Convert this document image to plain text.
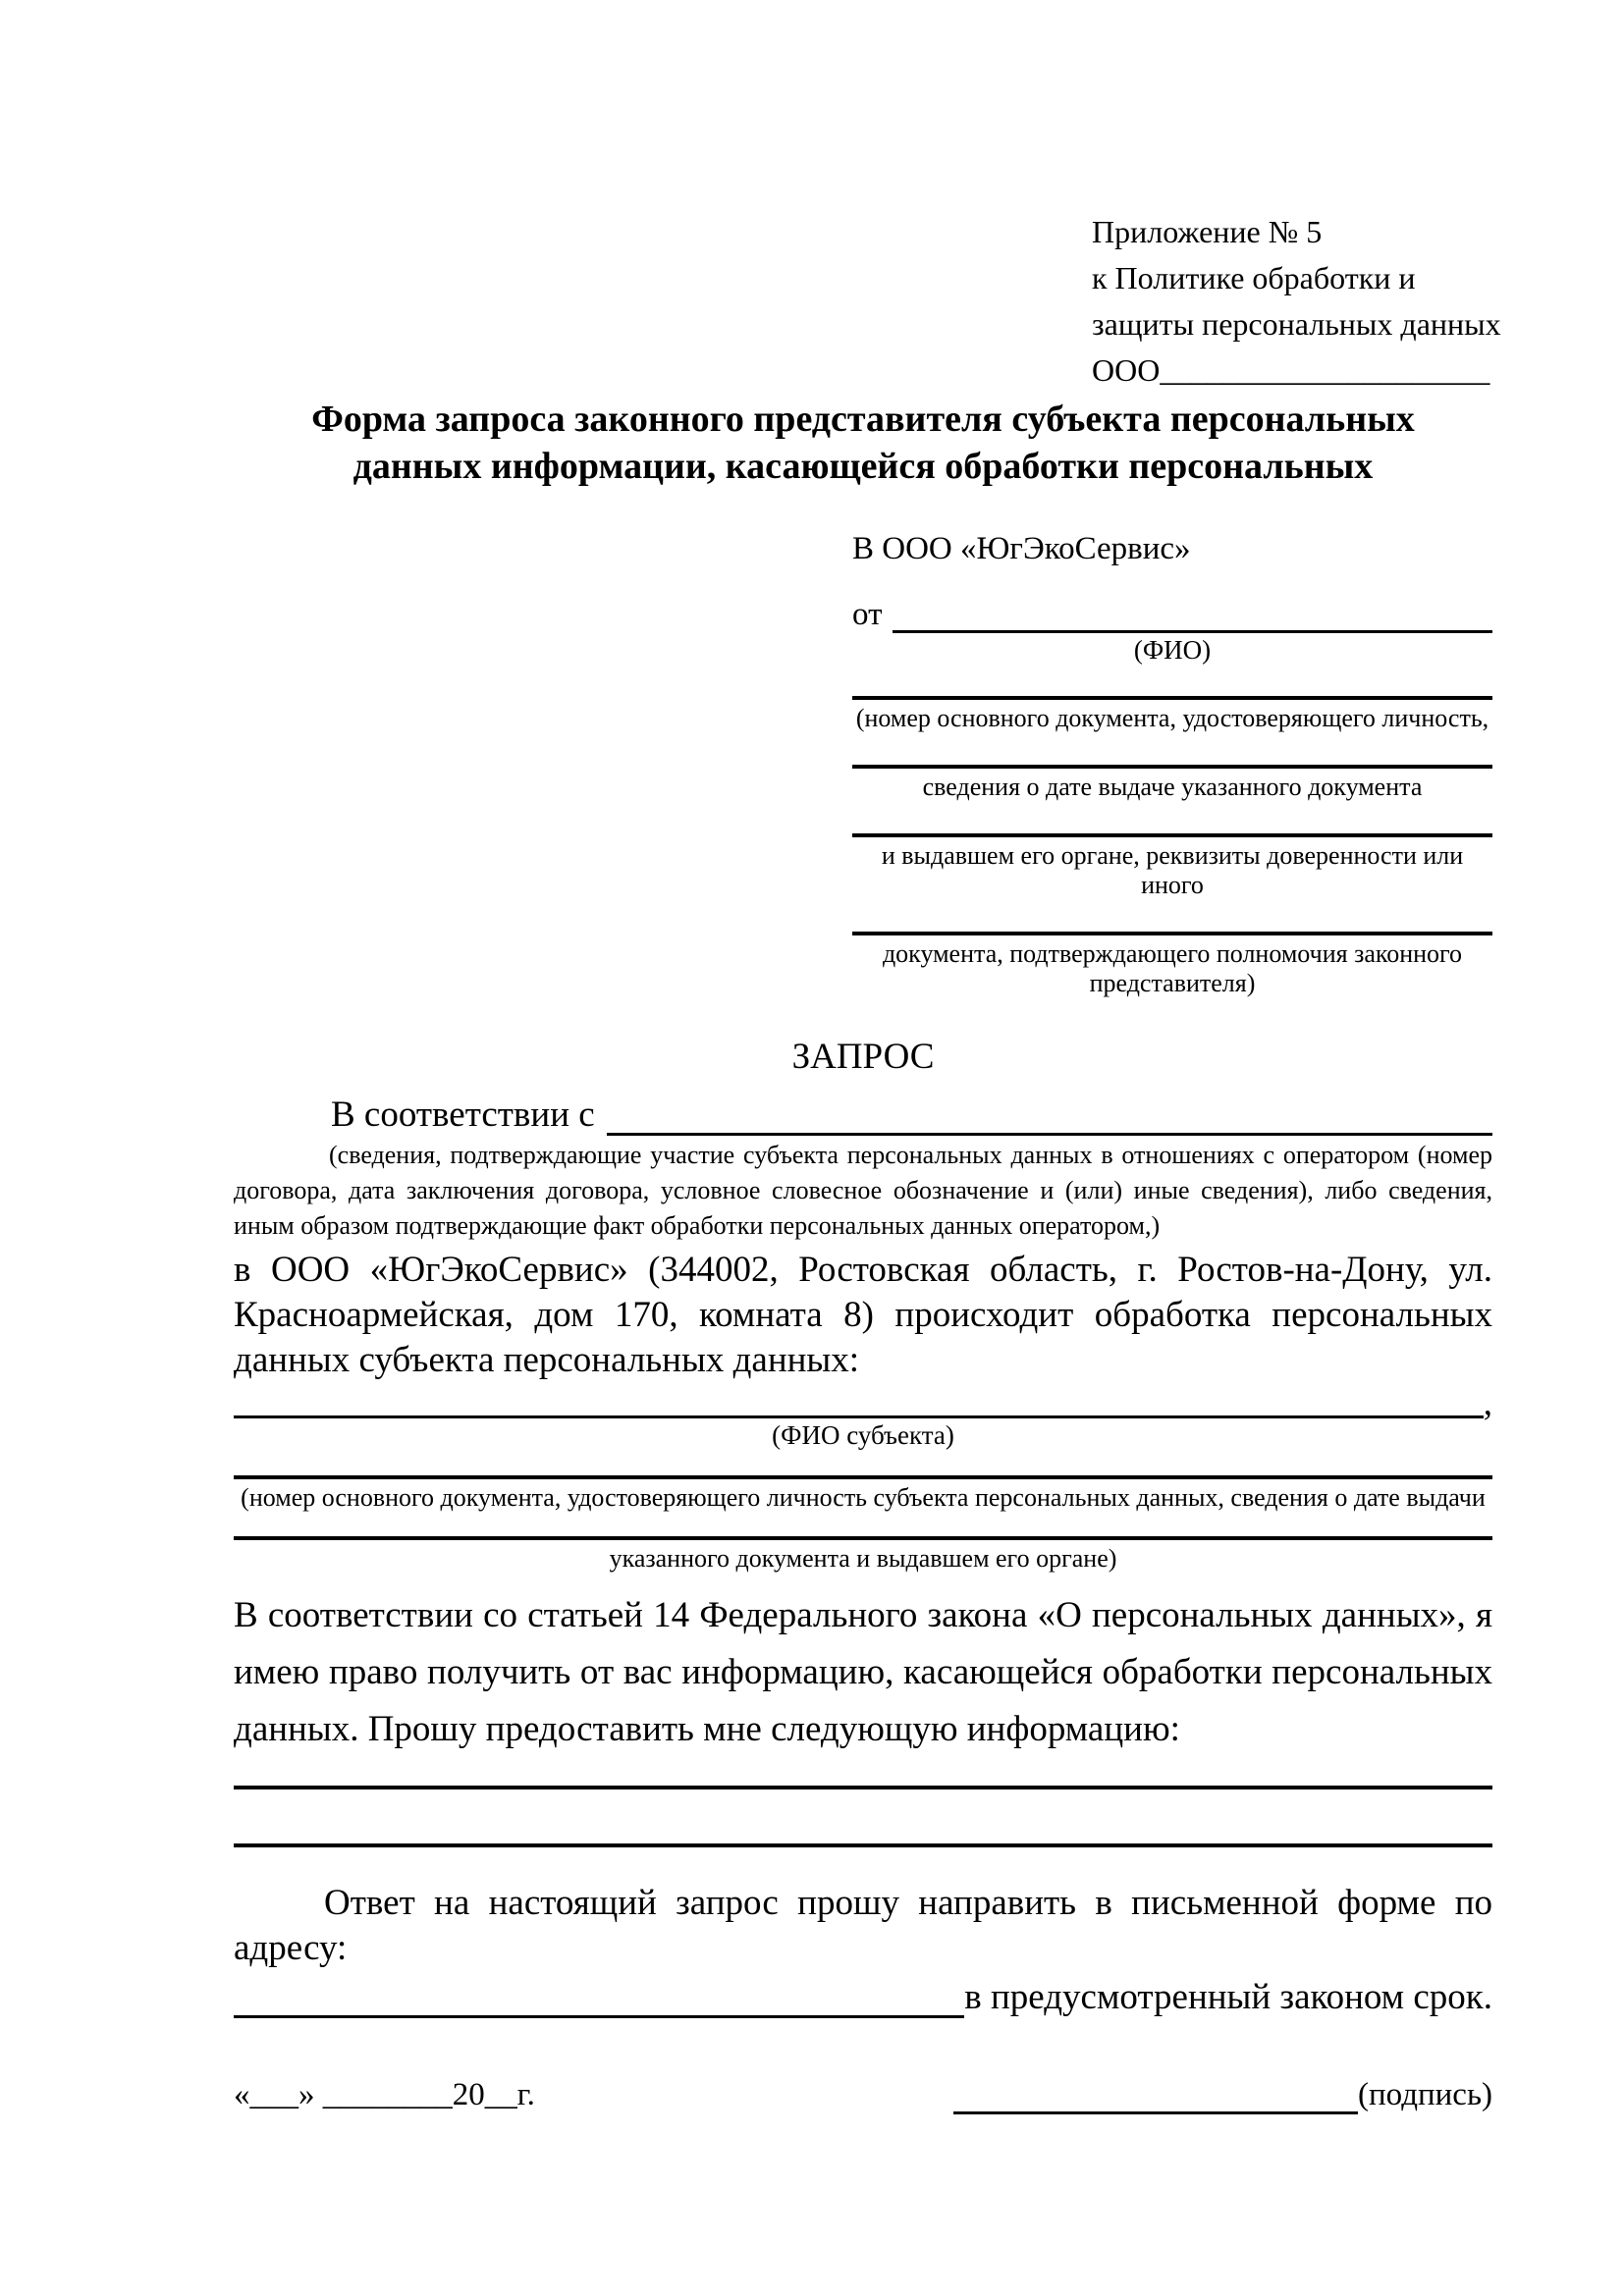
Приложение № 5
к Политике обработки и
защиты персональных данных
ООО_____________________
Форма запроса законного представителя субъекта персональных
данных информации, касающейся обработки персональных
В ООО «ЮгЭкоСервис»
от
(ФИО)
(номер основного документа, удостоверяющего личность,
сведения о дате выдаче указанного документа
и выдавшем его органе, реквизиты доверенности или иного
документа, подтверждающего полномочия законного представителя)
ЗАПРОС
В соответствии с
(сведения, подтверждающие участие субъекта персональных данных в отношениях с оператором (номер договора, дата заключения договора, условное словесное обозначение и (или) иные сведения), либо сведения, иным образом подтверждающие факт обработки персональных данных оператором,)
в ООО «ЮгЭкоСервис» (344002, Ростовская область, г. Ростов-на-Дону, ул. Красноармейская, дом 170, комната 8) происходит обработка персональных данных субъекта персональных данных:
,
(ФИО субъекта)
(номер основного документа, удостоверяющего личность субъекта персональных данных, сведения о дате выдачи
указанного документа и выдавшем его органе)
В соответствии со статьей 14 Федерального закона «О персональных данных», я имею право получить от вас информацию, касающейся обработки персональных данных. Прошу предоставить мне следующую информацию:
Ответ на настоящий запрос прошу направить в письменной форме по адресу:
в предусмотренный законом срок.
«___» ________20__г.	(подпись)
